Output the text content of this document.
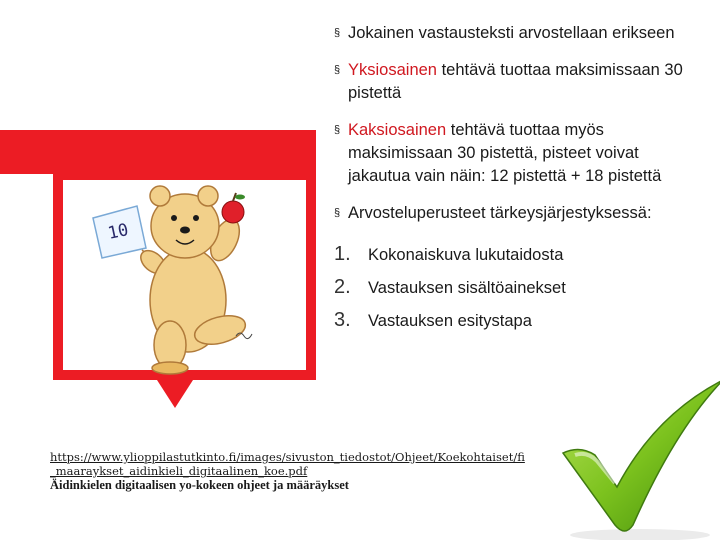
10
§ Jokainen vastausteksti arvostellaan erikseen
§ Yksiosainen tehtävä tuottaa maksimissaan 30 pistettä
§ Kaksiosainen tehtävä tuottaa myös maksimissaan 30 pistettä, pisteet voivat jakautua vain näin: 12 pistettä + 18 pistettä
§ Arvosteluperusteet tärkeysjärjestyksessä:
1. Kokonaiskuva lukutaidosta
2. Vastauksen sisältöainekset
3. Vastauksen esitystapa
https://www.ylioppilastutkinto.fi/images/sivuston_tiedostot/Ohjeet/Koekohtaiset/fi
_maaraykset_aidinkieli_digitaalinen_koe.pdf
Äidinkielen digitaalisen yo-kokeen ohjeet ja määräykset
